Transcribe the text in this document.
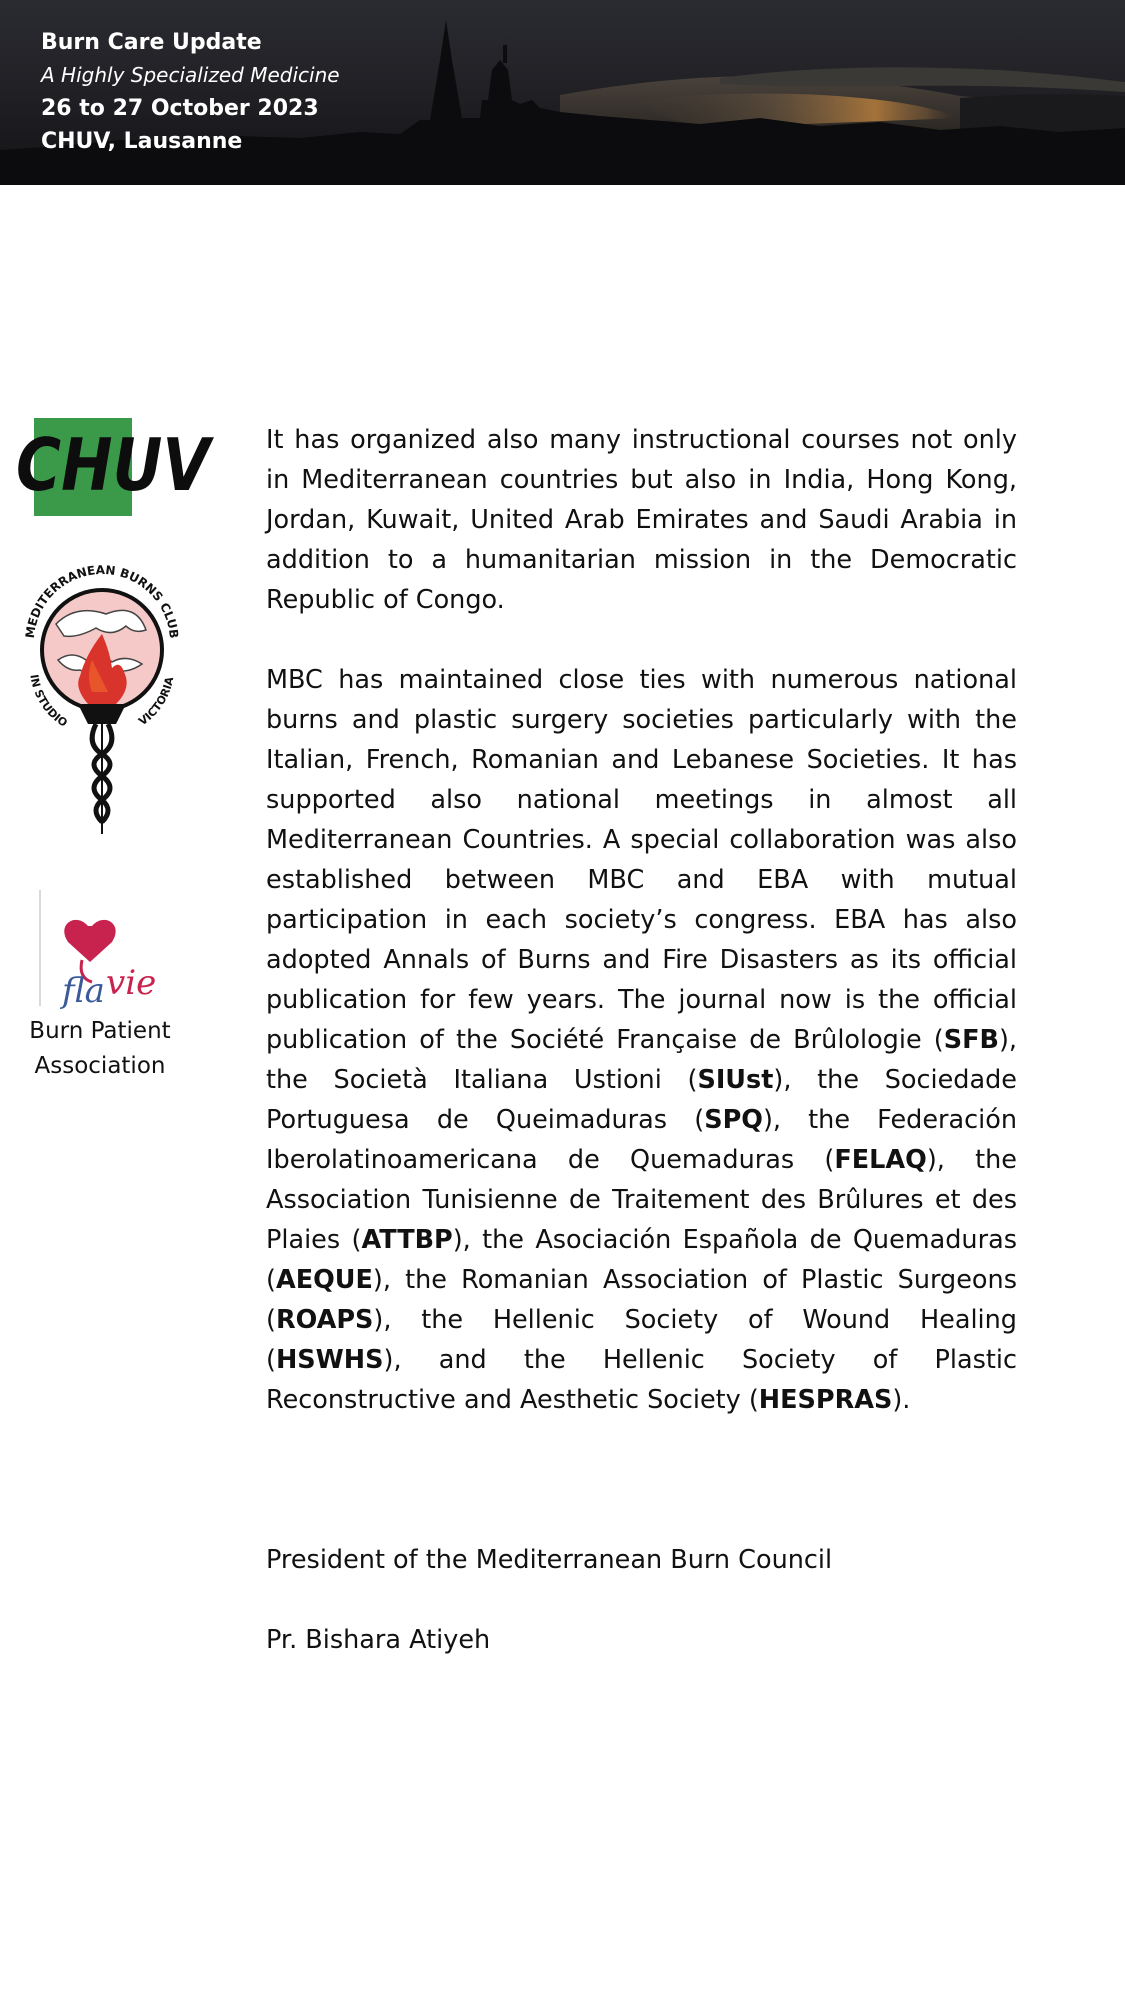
Burn Care Update
A Highly Specialized Medicine
26 to 27 October 2023
CHUV, Lausanne
CHUV
MEDITERRANEAN BURNS CLUB
IN STUDIO	VICTORIA
fla vie
Burn Patient
Association

It has organized also many instructional courses not only in Mediterranean countries but also in India, Hong Kong, Jordan, Kuwait, United Arab Emirates and Saudi Arabia in addition to a humanitarian mission in the Democratic Republic of Congo.

MBC has maintained close ties with numerous national burns and plastic surgery societies particularly with the Italian, French, Romanian and Lebanese Societies. It has supported also national meetings in almost all Mediterranean Countries. A special collaboration was also established between MBC and EBA with mutual participation in each society’s congress. EBA has also adopted Annals of Burns and Fire Disasters as its official publication for few years. The journal now is the official publication of the Société Française de Brûlologie (SFB), the Società Italiana Ustioni (SIUst), the Sociedade Portuguesa de Queimaduras (SPQ), the Federación Iberolatinoamericana de Quemaduras (FELAQ), the Association Tunisienne de Traitement des Brûlures et des Plaies (ATTBP), the Asociación Española de Quemaduras (AEQUE), the Romanian Association of Plastic Surgeons (ROAPS), the Hellenic Society of Wound Healing (HSWHS), and the Hellenic Society of Plastic Reconstructive and Aesthetic Society (HESPRAS).

President of the Mediterranean Burn Council
Pr. Bishara Atiyeh
